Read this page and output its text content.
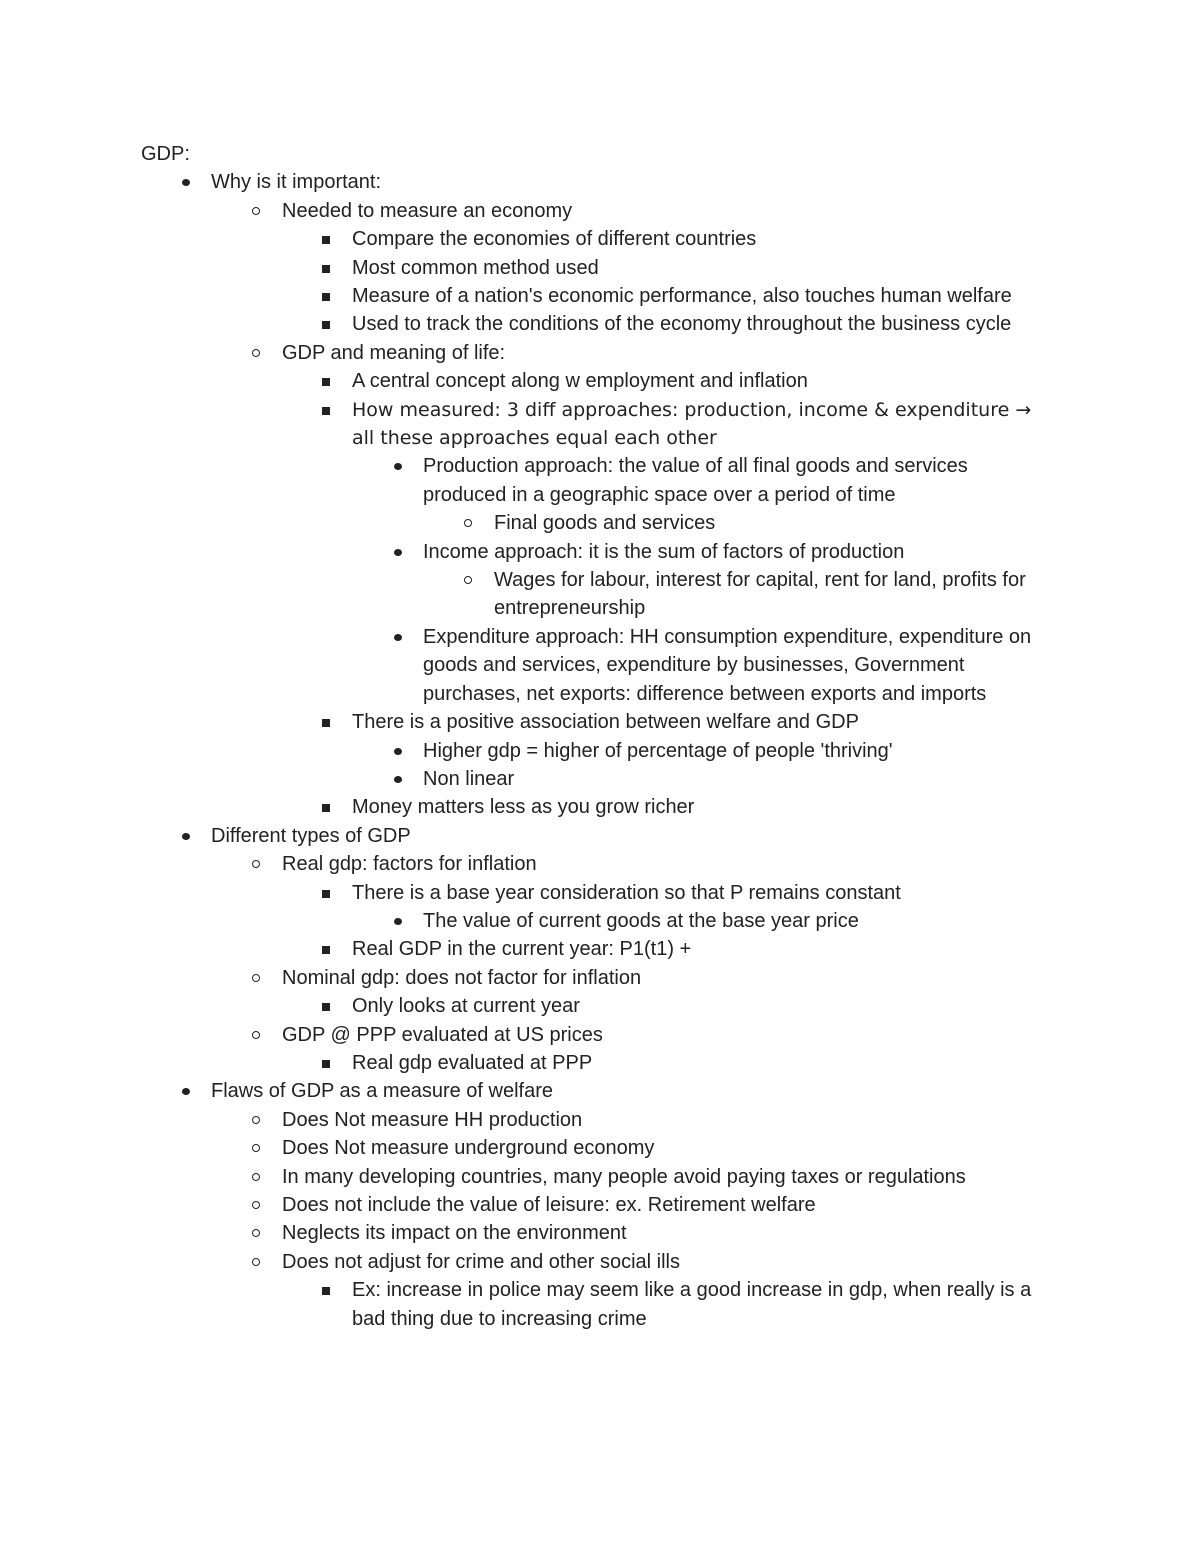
GDP:
Why is it important:
Needed to measure an economy
Compare the economies of different countries
Most common method used
Measure of a nation's economic performance, also touches human welfare
Used to track the conditions of the economy throughout the business cycle
GDP and meaning of life:
A central concept along w employment and inflation
How measured: 3 diff approaches: production, income & expenditure → all these approaches equal each other
Production approach: the value of all final goods and services produced in a geographic space over a period of time
Final goods and services
Income approach: it is the sum of factors of production
Wages for labour, interest for capital, rent for land, profits for entrepreneurship
Expenditure approach: HH consumption expenditure, expenditure on goods and services, expenditure by businesses, Government purchases, net exports: difference between exports and imports
There is a positive association between welfare and GDP
Higher gdp = higher of percentage of people 'thriving'
Non linear
Money matters less as you grow richer
Different types of GDP
Real gdp: factors for inflation
There is a base year consideration so that P remains constant
The value of current goods at the base year price
Real GDP in the current year: P1(t1) +
Nominal gdp: does not factor for inflation
Only looks at current year
GDP @ PPP evaluated at US prices
Real gdp evaluated at PPP
Flaws of GDP as a measure of welfare
Does Not measure HH production
Does Not measure underground economy
In many developing countries, many people avoid paying taxes or regulations
Does not include the value of leisure: ex. Retirement welfare
Neglects its impact on the environment
Does not adjust for crime and other social ills
Ex: increase in police may seem like a good increase in gdp, when really is a bad thing due to increasing crime
